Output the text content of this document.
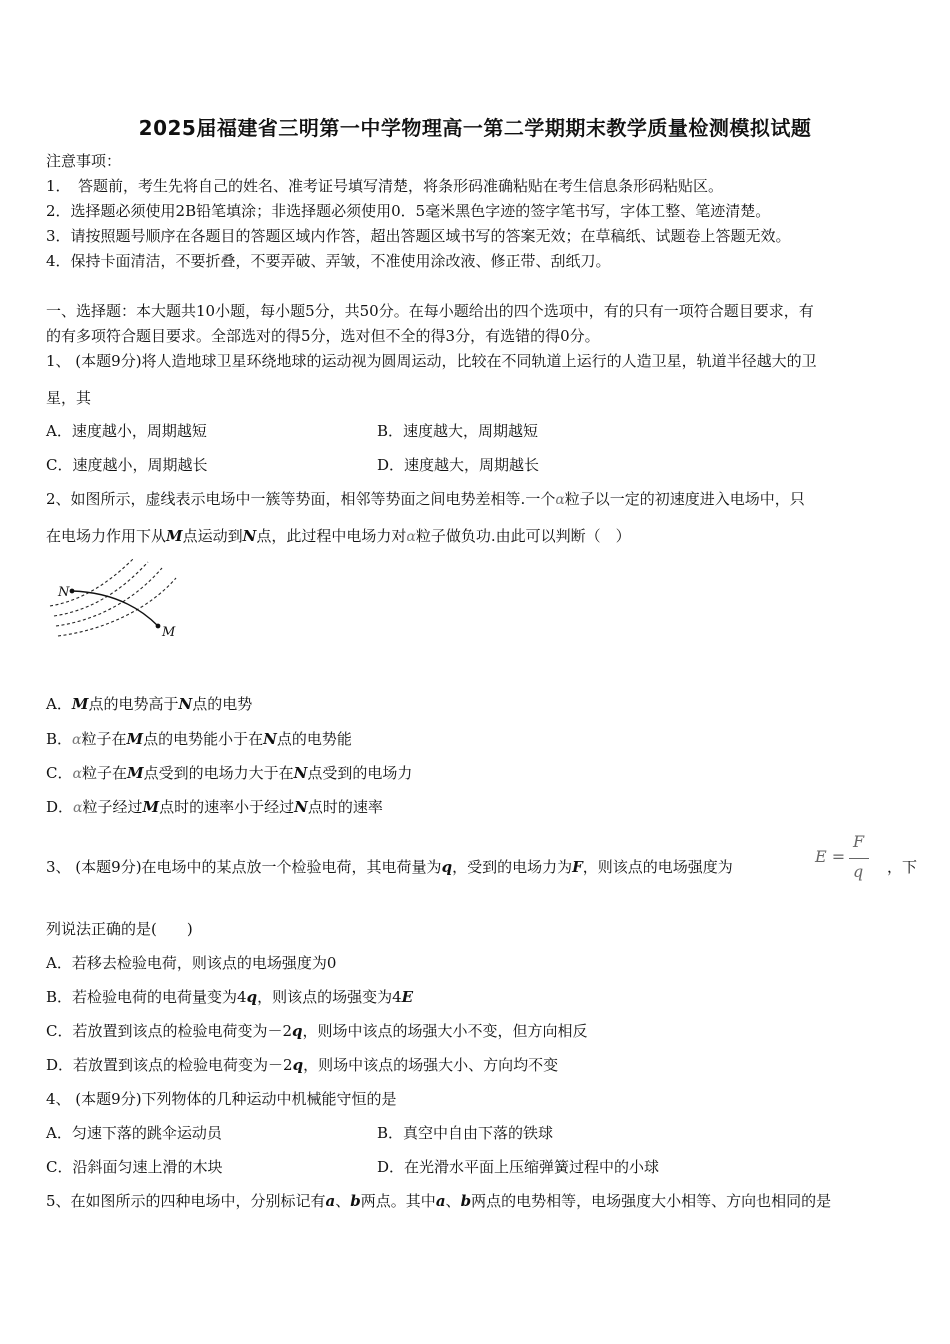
2025届福建省三明第一中学物理高一第二学期期末教学质量检测模拟试题
注意事项：
1．　答题前，考生先将自己的姓名、准考证号填写清楚，将条形码准确粘贴在考生信息条形码粘贴区。
2．选择题必须使用2B铅笔填涂；非选择题必须使用0．5毫米黑色字迹的签字笔书写，字体工整、笔迹清楚。
3．请按照题号顺序在各题目的答题区域内作答，超出答题区域书写的答案无效；在草稿纸、试题卷上答题无效。
4．保持卡面清洁，不要折叠，不要弄破、弄皱，不准使用涂改液、修正带、刮纸刀。
一、选择题：本大题共10小题，每小题5分，共50分。在每小题给出的四个选项中，有的只有一项符合题目要求，有
的有多项符合题目要求。全部选对的得5分，选对但不全的得3分，有选错的得0分。
1、 (本题9分)将人造地球卫星环绕地球的运动视为圆周运动，比较在不同轨道上运行的人造卫星，轨道半径越大的卫
星，其
A．速度越小，周期越短	B．速度越大，周期越短
C．速度越小，周期越长	D．速度越大，周期越长
2、如图所示，虚线表示电场中一簇等势面，相邻等势面之间电势差相等.一个α粒子以一定的初速度进入电场中，只
在电场力作用下从M点运动到N点，此过程中电场力对α粒子做负功.由此可以判断（　）
N
M
A．M点的电势高于N点的电势
B．α粒子在M点的电势能小于在N点的电势能
C．α粒子在M点受到的电场力大于在N点受到的电场力
D．α粒子经过M点时的速率小于经过N点时的速率
3、 (本题9分)在电场中的某点放一个检验电荷，其电荷量为q，受到的电场力为F，则该点的电场强度为
E =
F
q ，下
列说法正确的是(　　)
A．若移去检验电荷，则该点的电场强度为0
B．若检验电荷的电荷量变为4q，则该点的场强变为4E
C．若放置到该点的检验电荷变为－2q，则场中该点的场强大小不变，但方向相反
D．若放置到该点的检验电荷变为－2q，则场中该点的场强大小、方向均不变
4、 (本题9分)下列物体的几种运动中机械能守恒的是
A．匀速下落的跳伞运动员	B．真空中自由下落的铁球
C．沿斜面匀速上滑的木块	D．在光滑水平面上压缩弹簧过程中的小球
5、在如图所示的四种电场中，分别标记有a、b两点。其中a、b两点的电势相等，电场强度大小相等、方向也相同的是
